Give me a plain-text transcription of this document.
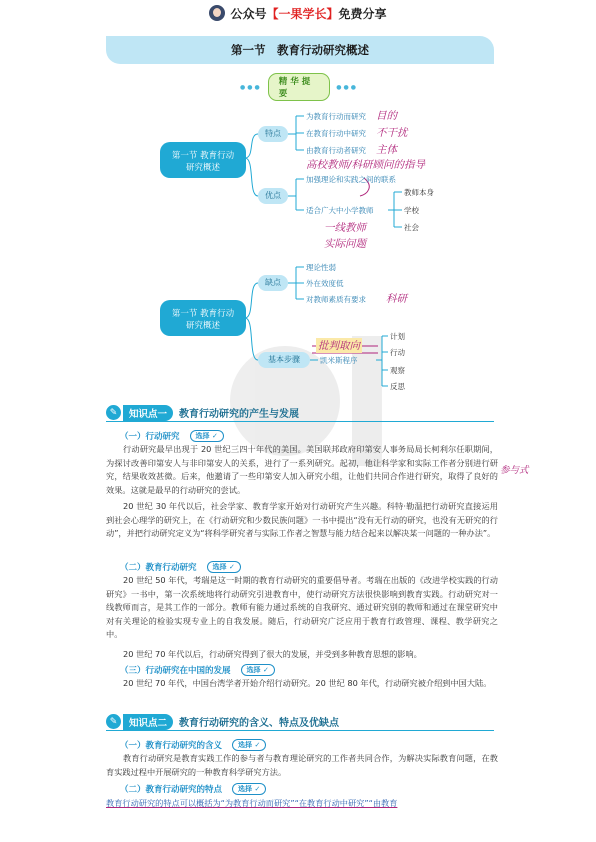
公众号 【 一果学长 】 免费分享
第一节　教育行动研究概述
●●●	精华提要
●●●
第一节 教育行动
研究概述
特点
优点
为教育行动而研究
在教育行动中研究
由教育行动者研究
加强理论和实践之间的联系
适合广大中小学教师
教师本身
学校
社会
目的
不干扰
主体
高校教师/科研顾问的指导
一线教师
实际问题
第一节 教育行动
研究概述
缺点
基本步骤
理论性弱
外在效度低
对教师素质有要求
凯米斯程序
计划
行动
观察
反思
科研
批判取向
✎	知识点一	教育行动研究的产生与发展
（一）行动研究	选择 ✓
行动研究最早出现于 20 世纪三四十年代的美国。美国联邦政府印第安人事务局局长柯利尔任职期间，为探讨改善印第安人与非印第安人的关系，进行了一系列研究。起初，他让科学家和实际工作者分别进行研究，结果收效甚微。后来，他邀请了一些印第安人加入研究小组，让他们共同合作进行研究，取得了良好的效果。这就是最早的行动研究的尝试。
参与式
20 世纪 30 年代以后，社会学家、教育学家开始对行动研究产生兴趣。科特·勒温把行动研究直接运用到社会心理学的研究上，在《行动研究和少数民族问题》一书中提出“没有无行动的研究，也没有无研究的行动”，并把行动研究定义为“将科学研究者与实际工作者之智慧与能力结合起来以解决某一问题的一种办法”。
（二）教育行动研究	选择 ✓
20 世纪 50 年代，考瑞是这一时期的教育行动研究的重要倡导者。考瑞在出版的《改进学校实践的行动研究》一书中，第一次系统地将行动研究引进教育中，使行动研究方法很快影响到教育实践。行动研究对一线教师而言，是其工作的一部分。教师有能力通过系统的自我研究、通过研究别的教师和通过在课堂研究中对有关理论的检验实现专业上的自我发展。随后，行动研究广泛应用于教育行政管理、课程、教学研究之中。
20 世纪 70 年代以后，行动研究得到了很大的发展，并受到多种教育思想的影响。
（三）行动研究在中国的发展	选择 ✓
20 世纪 70 年代，中国台湾学者开始介绍行动研究。20 世纪 80 年代，行动研究被介绍到中国大陆。
✎	知识点二	教育行动研究的含义、特点及优缺点
（一）教育行动研究的含义	选择 ✓
教育行动研究是教育实践工作的参与者与教育理论研究的工作者共同合作，为解决实际教育问题，在教育实践过程中开展研究的一种教育科学研究方法。
（二）教育行动研究的特点	选择 ✓
教育行动研究的特点可以概括为“为教育行动而研究”“在教育行动中研究”“由教育
